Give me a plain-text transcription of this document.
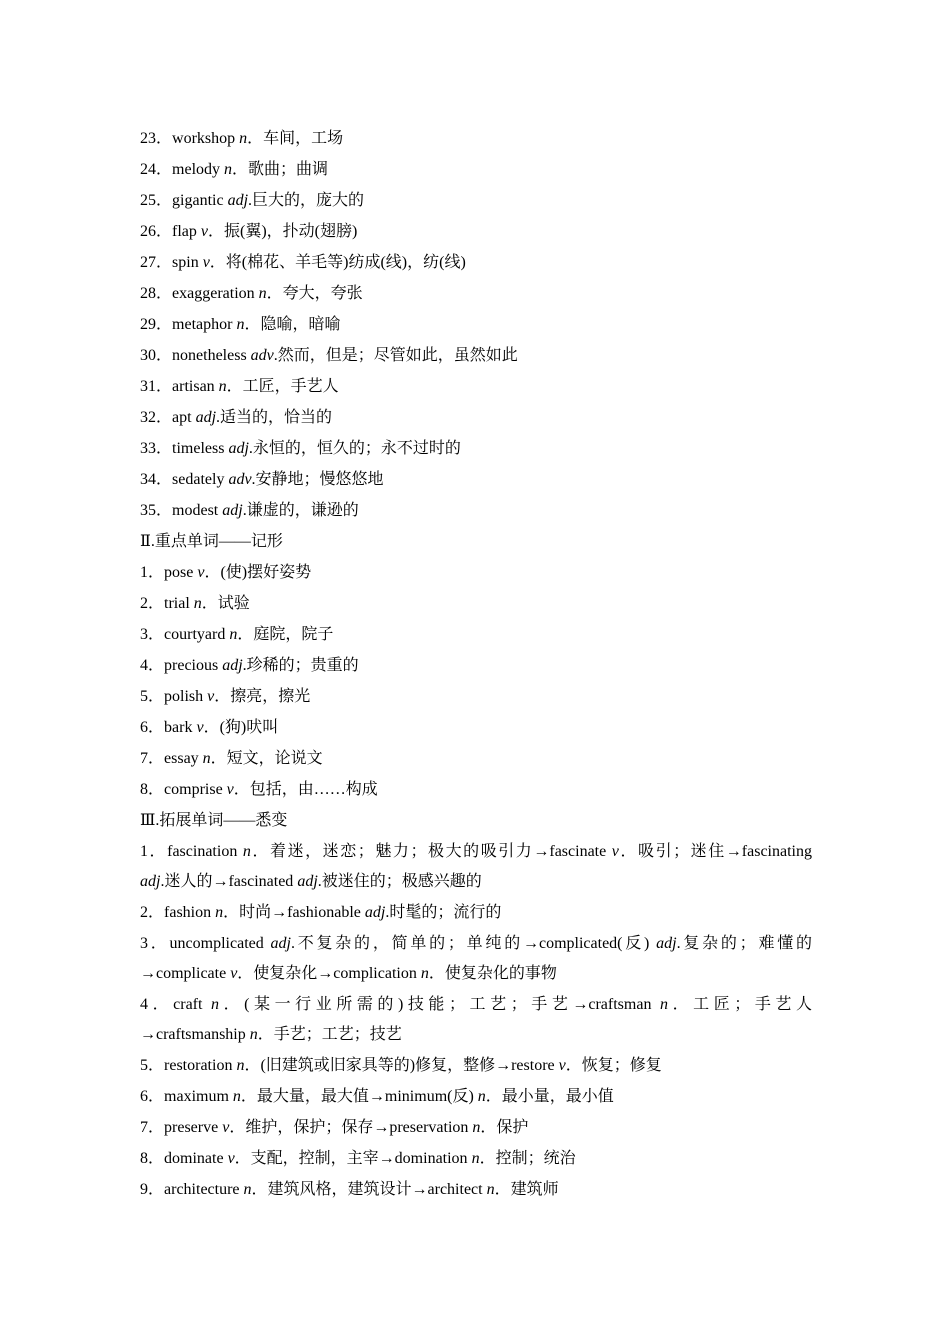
23．workshop n．车间，工场
24．melody n．歌曲；曲调
25．gigantic adj.巨大的，庞大的
26．flap v．振(翼)，扑动(翅膀)
27．spin v．将(棉花、羊毛等)纺成(线)，纺(线)
28．exaggeration n．夸大，夸张
29．metaphor n．隐喻，暗喻
30．nonetheless adv.然而，但是；尽管如此，虽然如此
31．artisan n．工匠，手艺人
32．apt adj.适当的，恰当的
33．timeless adj.永恒的，恒久的；永不过时的
34．sedately adv.安静地；慢悠悠地
35．modest adj.谦虚的，谦逊的
Ⅱ.重点单词——记形
1．pose v．(使)摆好姿势
2．trial n．试验
3．courtyard n．庭院，院子
4．precious adj.珍稀的；贵重的
5．polish v．擦亮，擦光
6．bark v．(狗)吠叫
7．essay n．短文，论说文
8．comprise v．包括，由……构成
Ⅲ.拓展单词——悉变
1．fascination n．着迷，迷恋；魅力；极大的吸引力→fascinate v．吸引；迷住→fascinating
adj.迷人的→fascinated adj.被迷住的；极感兴趣的
2．fashion n．时尚→fashionable adj.时髦的；流行的
3．uncomplicated adj.不复杂的，简单的；单纯的→complicated(反) adj.复杂的；难懂的
→complicate v．使复杂化→complication n．使复杂化的事物
4．craft n．(某一行业所需的)技能；工艺；手艺→craftsman n．工匠；手艺人
→craftsmanship n．手艺；工艺；技艺
5．restoration n．(旧建筑或旧家具等的)修复，整修→restore v．恢复；修复
6．maximum n．最大量，最大值→minimum(反) n．最小量，最小值
7．preserve v．维护，保护；保存→preservation n．保护
8．dominate v．支配，控制，主宰→domination n．控制；统治
9．architecture n．建筑风格，建筑设计→architect n．建筑师
